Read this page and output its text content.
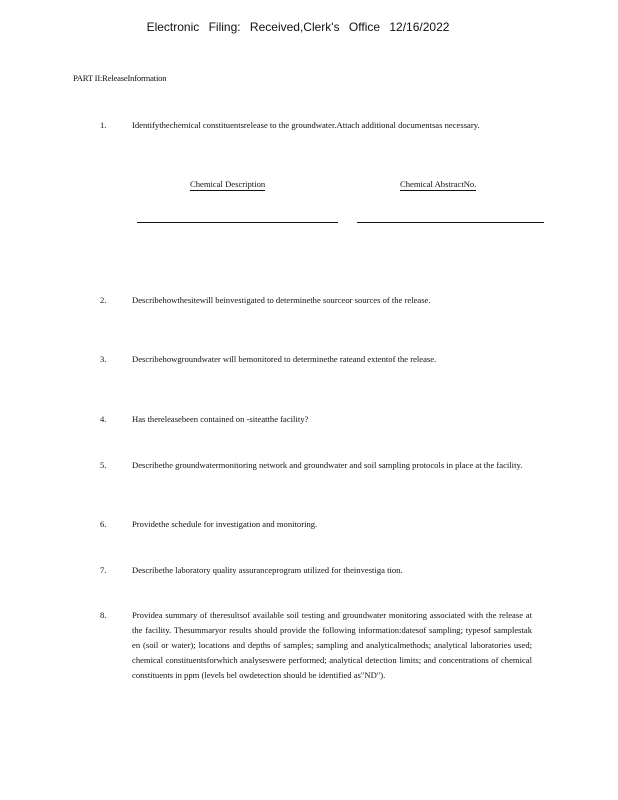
Electronic Filing: Received,Clerk's Office 12/16/2022
PART II:ReleaseInformation
1.	Identifythechemical constituentsrelease to the groundwater.Attach additional documentsas necessary.
Chemical Description	Chemical AbstractNo.
2.	Describehowthesitewill beinvestigated to determinethe sourceor sources of the release.
3.	Describehowgroundwater will bemonitored to determinethe rateand extentof the release.
4.	Has thereleasebeen contained on -siteatthe facility?
5.	Describethe groundwatermonitoring network and groundwater and soil sampling protocols in place at the facility.
6.	Providethe schedule for investigation and monitoring.
7.	Describethe laboratory quality assuranceprogram utilized for theinvestiga tion.
8.	Providea summary of theresultsof available soil testing and groundwater monitoring associated with the release at the facility. Thesummaryor results should provide the following information:datesof sampling; typesof samplestak en (soil or water); locations and depths of samples; sampling and analyticalmethods; analytical laboratories used; chemical constituentsforwhich analyseswere performed; analytical detection limits; and concentrations of chemical constituents in ppm (levels bel owdetection should be identified as"ND").
